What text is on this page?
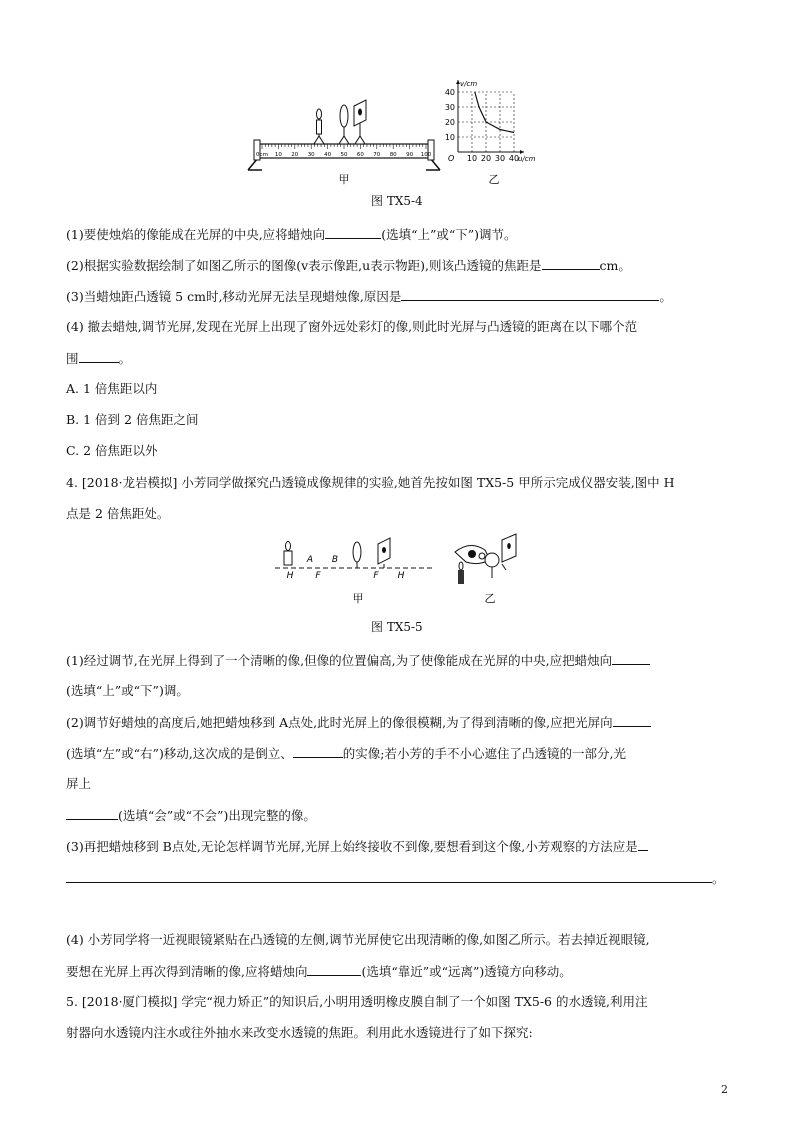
0cm 10 20 30 40 50 60 70 80 90 100
甲
v/cm
u/cm
O
40
30
20
10
10 20 30 40
乙
图 TX5-4
(1)要使烛焰的像能成在光屏的中央,应将蜡烛向	(选填“上”或“下”)调节。
(2)根据实验数据绘制了如图乙所示的图像(v表示像距,u表示物距),则该凸透镜的焦距是	cm。
(3)当蜡烛距凸透镜 5 cm时,移动光屏无法呈现蜡烛像,原因是	。
(4) 撤去蜡烛,调节光屏,发现在光屏上出现了窗外远处彩灯的像,则此时光屏与凸透镜的距离在以下哪个范
围	。
A. 1 倍焦距以内
B. 1 倍到 2 倍焦距之间
C. 2 倍焦距以外
4. [2018·龙岩模拟] 小芳同学做探究凸透镜成像规律的实验,她首先按如图 TX5-5 甲所示完成仪器安装,图中 H
点是 2 倍焦距处。
H
A
F
B
F H
甲	乙
图 TX5-5
(1)经过调节,在光屏上得到了一个清晰的像,但像的位置偏高,为了使像能成在光屏的中央,应把蜡烛向
(选填“上”或“下”)调。
(2)调节好蜡烛的高度后,她把蜡烛移到 A点处,此时光屏上的像很模糊,为了得到清晰的像,应把光屏向
(选填“左”或“右”)移动,这次成的是倒立、	的实像;若小芳的手不小心遮住了凸透镜的一部分,光
屏上
(选填“会”或“不会”)出现完整的像。
(3)再把蜡烛移到 B点处,无论怎样调节光屏,光屏上始终接收不到像,要想看到这个像,小芳观察的方法应是
。
(4) 小芳同学将一近视眼镜紧贴在凸透镜的左侧,调节光屏使它出现清晰的像,如图乙所示。若去掉近视眼镜,
要想在光屏上再次得到清晰的像,应将蜡烛向	(选填“靠近”或“远离”)透镜方向移动。
5. [2018·厦门模拟] 学完“视力矫正”的知识后,小明用透明橡皮膜自制了一个如图 TX5-6 的水透镜,利用注
射器向水透镜内注水或往外抽水来改变水透镜的焦距。利用此水透镜进行了如下探究:
2
